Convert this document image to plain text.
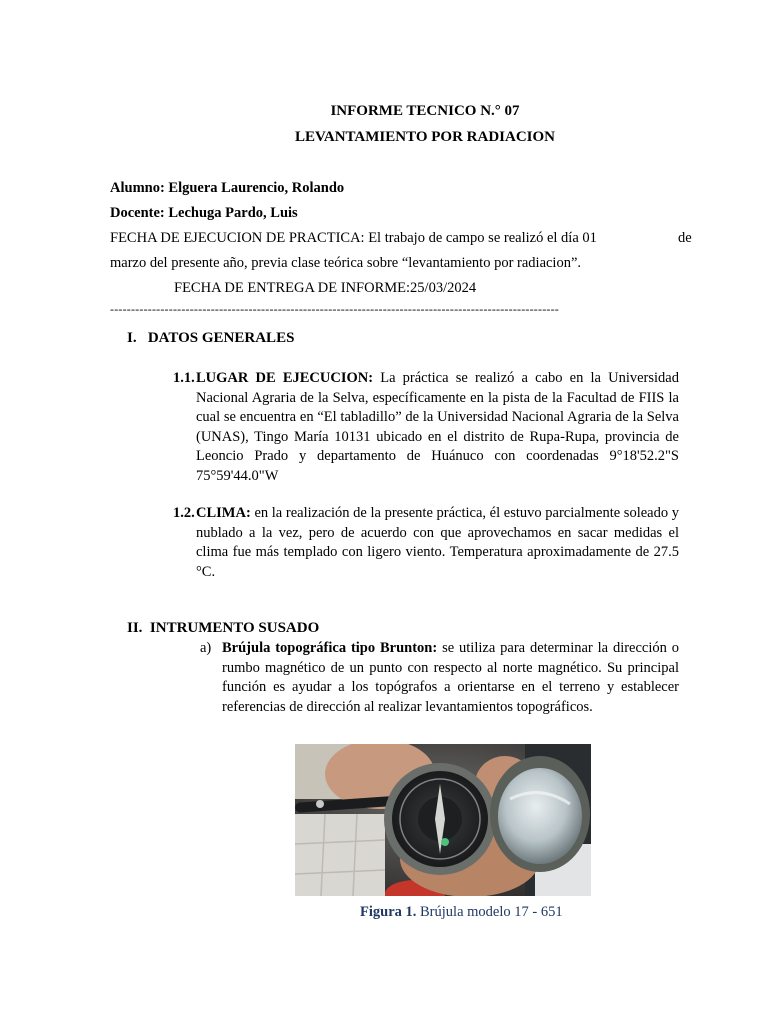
INFORME TECNICO N.° 07
LEVANTAMIENTO POR RADIACION
Alumno: Elguera Laurencio, Rolando
Docente: Lechuga Pardo, Luis
FECHA DE EJECUCION DE PRACTICA: El trabajo de campo se realizó el día 01	de
marzo del presente año, previa clase teórica sobre “levantamiento por radiacion”.
FECHA DE ENTREGA DE INFORME:25/03/2024
-----------------------------------------------------------------------------------------------------------
I.   DATOS GENERALES
1.1. LUGAR DE EJECUCION: La práctica se realizó a cabo en la Universidad Nacional Agraria de la Selva, específicamente en la pista de la Facultad de FIIS la cual se encuentra en “El tabladillo” de la Universidad Nacional Agraria de la Selva (UNAS), Tingo María 10131 ubicado en el distrito de Rupa-Rupa, provincia de Leoncio Prado y departamento de Huánuco con coordenadas 9°18'52.2"S 75°59'44.0"W
1.2. CLIMA: en la realización de la presente práctica, él estuvo parcialmente soleado y nublado a la vez, pero de acuerdo con que aprovechamos en sacar medidas el clima fue más templado con ligero viento. Temperatura aproximadamente de 27.5 °C.
II.  INTRUMENTO SUSADO
a) Brújula topográfica tipo Brunton: se utiliza para determinar la dirección o rumbo magnético de un punto con respecto al norte magnético. Su principal función es ayudar a los topógrafos a orientarse en el terreno y establecer referencias de dirección al realizar levantamientos topográficos.
Figura 1. Brújula modelo 17 - 651
